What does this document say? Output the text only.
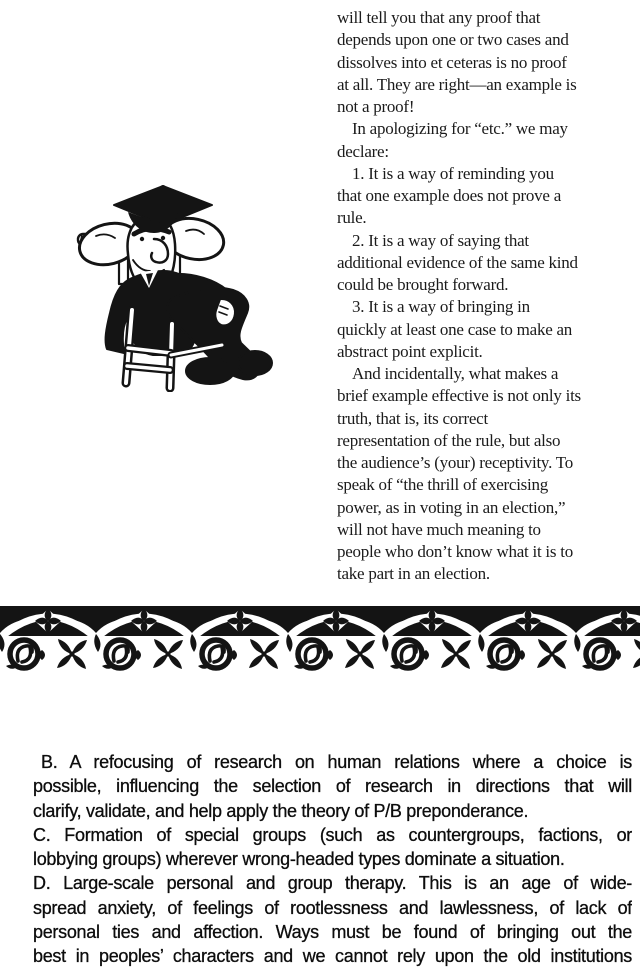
will tell you that any proof that
depends upon one or two cases and
dissolves into et ceteras is no proof
at all. They are right—an example is
not a proof!
In apologizing for “etc.” we may
declare:
1. It is a way of reminding you
that one example does not prove a
rule.
2. It is a way of saying that
additional evidence of the same kind
could be brought forward.
3. It is a way of bringing in
quickly at least one case to make an
abstract point explicit.
And incidentally, what makes a
brief example effective is not only its
truth, that is, its correct
representation of the rule, but also
the audience’s (your) receptivity. To
speak of “the thrill of exercising
power, as in voting in an election,”
will not have much meaning to
people who don’t know what it is to
take part in an election.
B. A refocusing of research on human relations where a choice is
possible, influencing the selection of research in directions that will
clarify, validate, and help apply the theory of P/B preponderance.
C. Formation of special groups (such as countergroups, factions, or
lobbying groups) wherever wrong-headed types dominate a situation.
D. Large-scale personal and group therapy. This is an age of wide-
spread anxiety, of feelings of rootlessness and lawlessness, of lack of
personal ties and affection. Ways must be found of bringing out the
best in peoples’ characters and we cannot rely upon the old institutions
